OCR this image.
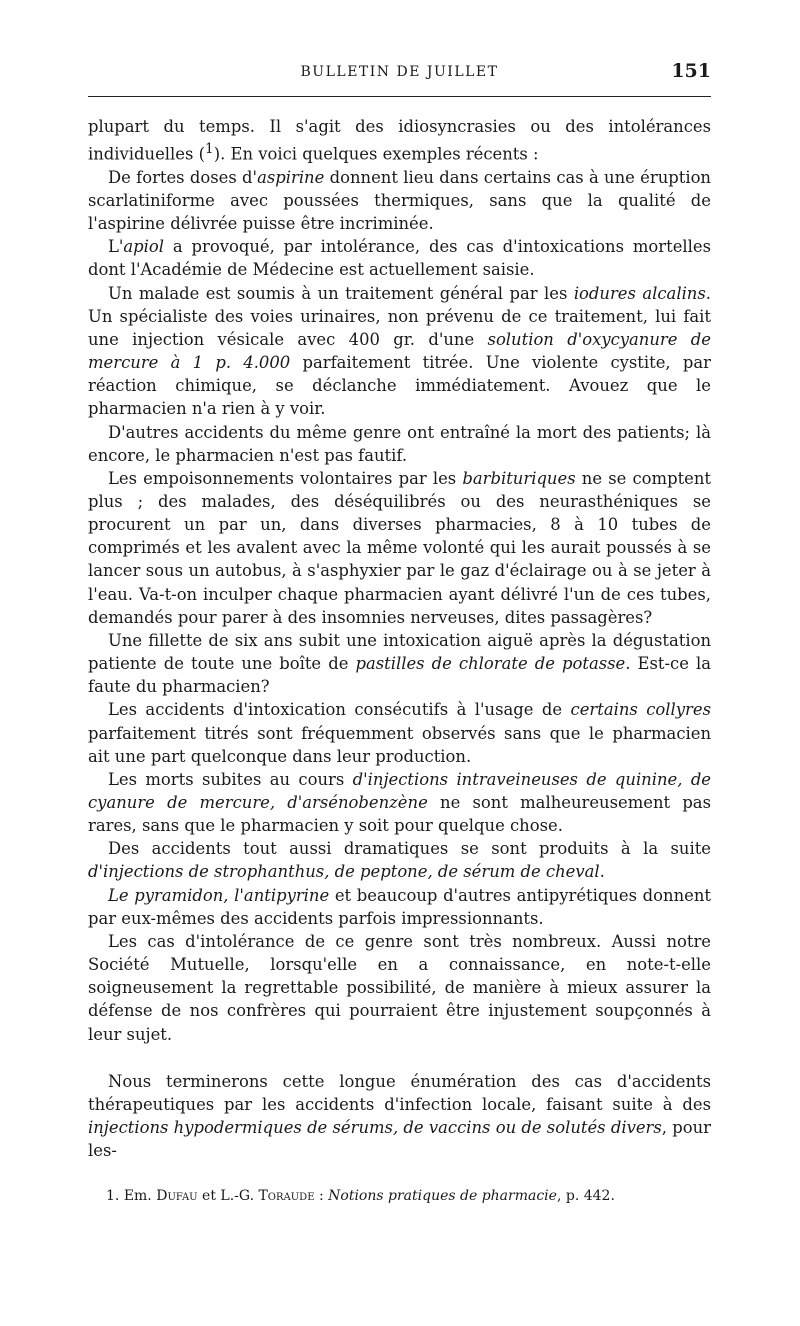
BULLETIN DE JUILLET	151

plupart du temps. Il s'agit des idiosyncrasies ou des intolérances individuelles ($^1$). En voici quelques exemples récents :

De fortes doses d'aspirine donnent lieu dans certains cas à une éruption scarlatiniforme avec poussées thermiques, sans que la qualité de l'aspirine délivrée puisse être incriminée.

L'apiol a provoqué, par intolérance, des cas d'intoxications mortelles dont l'Académie de Médecine est actuellement saisie.

Un malade est soumis à un traitement général par les iodures alcalins. Un spécialiste des voies urinaires, non prévenu de ce traitement, lui fait une injection vésicale avec 400 gr. d'une solution d'oxycyanure de mercure à 1 p. 4.000 parfaitement titrée. Une violente cystite, par réaction chimique, se déclanche immédiatement. Avouez que le pharmacien n'a rien à y voir.

D'autres accidents du même genre ont entraîné la mort des patients; là encore, le pharmacien n'est pas fautif.

Les empoisonnements volontaires par les barbituriques ne se comptent plus ; des malades, des déséquilibrés ou des neurasthéniques se procurent un par un, dans diverses pharmacies, 8 à 10 tubes de comprimés et les avalent avec la même volonté qui les aurait poussés à se lancer sous un autobus, à s'asphyxier par le gaz d'éclairage ou à se jeter à l'eau. Va-t-on inculper chaque pharmacien ayant délivré l'un de ces tubes, demandés pour parer à des insomnies nerveuses, dites passagères?

Une fillette de six ans subit une intoxication aiguë après la dégustation patiente de toute une boîte de pastilles de chlorate de potasse. Est-ce la faute du pharmacien?

Les accidents d'intoxication consécutifs à l'usage de certains collyres parfaitement titrés sont fréquemment observés sans que le pharmacien ait une part quelconque dans leur production.

Les morts subites au cours d'injections intraveineuses de quinine, de cyanure de mercure, d'arsénobenzène ne sont malheureusement pas rares, sans que le pharmacien y soit pour quelque chose.

Des accidents tout aussi dramatiques se sont produits à la suite d'injections de strophanthus, de peptone, de sérum de cheval.

Le pyramidon, l'antipyrine et beaucoup d'autres antipyrétiques donnent par eux-mêmes des accidents parfois impressionnants.

Les cas d'intolérance de ce genre sont très nombreux. Aussi notre Société Mutuelle, lorsqu'elle en a connaissance, en note-t-elle soigneusement la regrettable possibilité, de manière à mieux assurer la défense de nos confrères qui pourraient être injustement soupçonnés à leur sujet.

Nous terminerons cette longue énumération des cas d'accidents thérapeutiques par les accidents d'infection locale, faisant suite à des injections hypodermiques de sérums, de vaccins ou de solutés divers, pour les-

1. Em. Dufau et L.-G. Toraude : Notions pratiques de pharmacie, p. 442.
